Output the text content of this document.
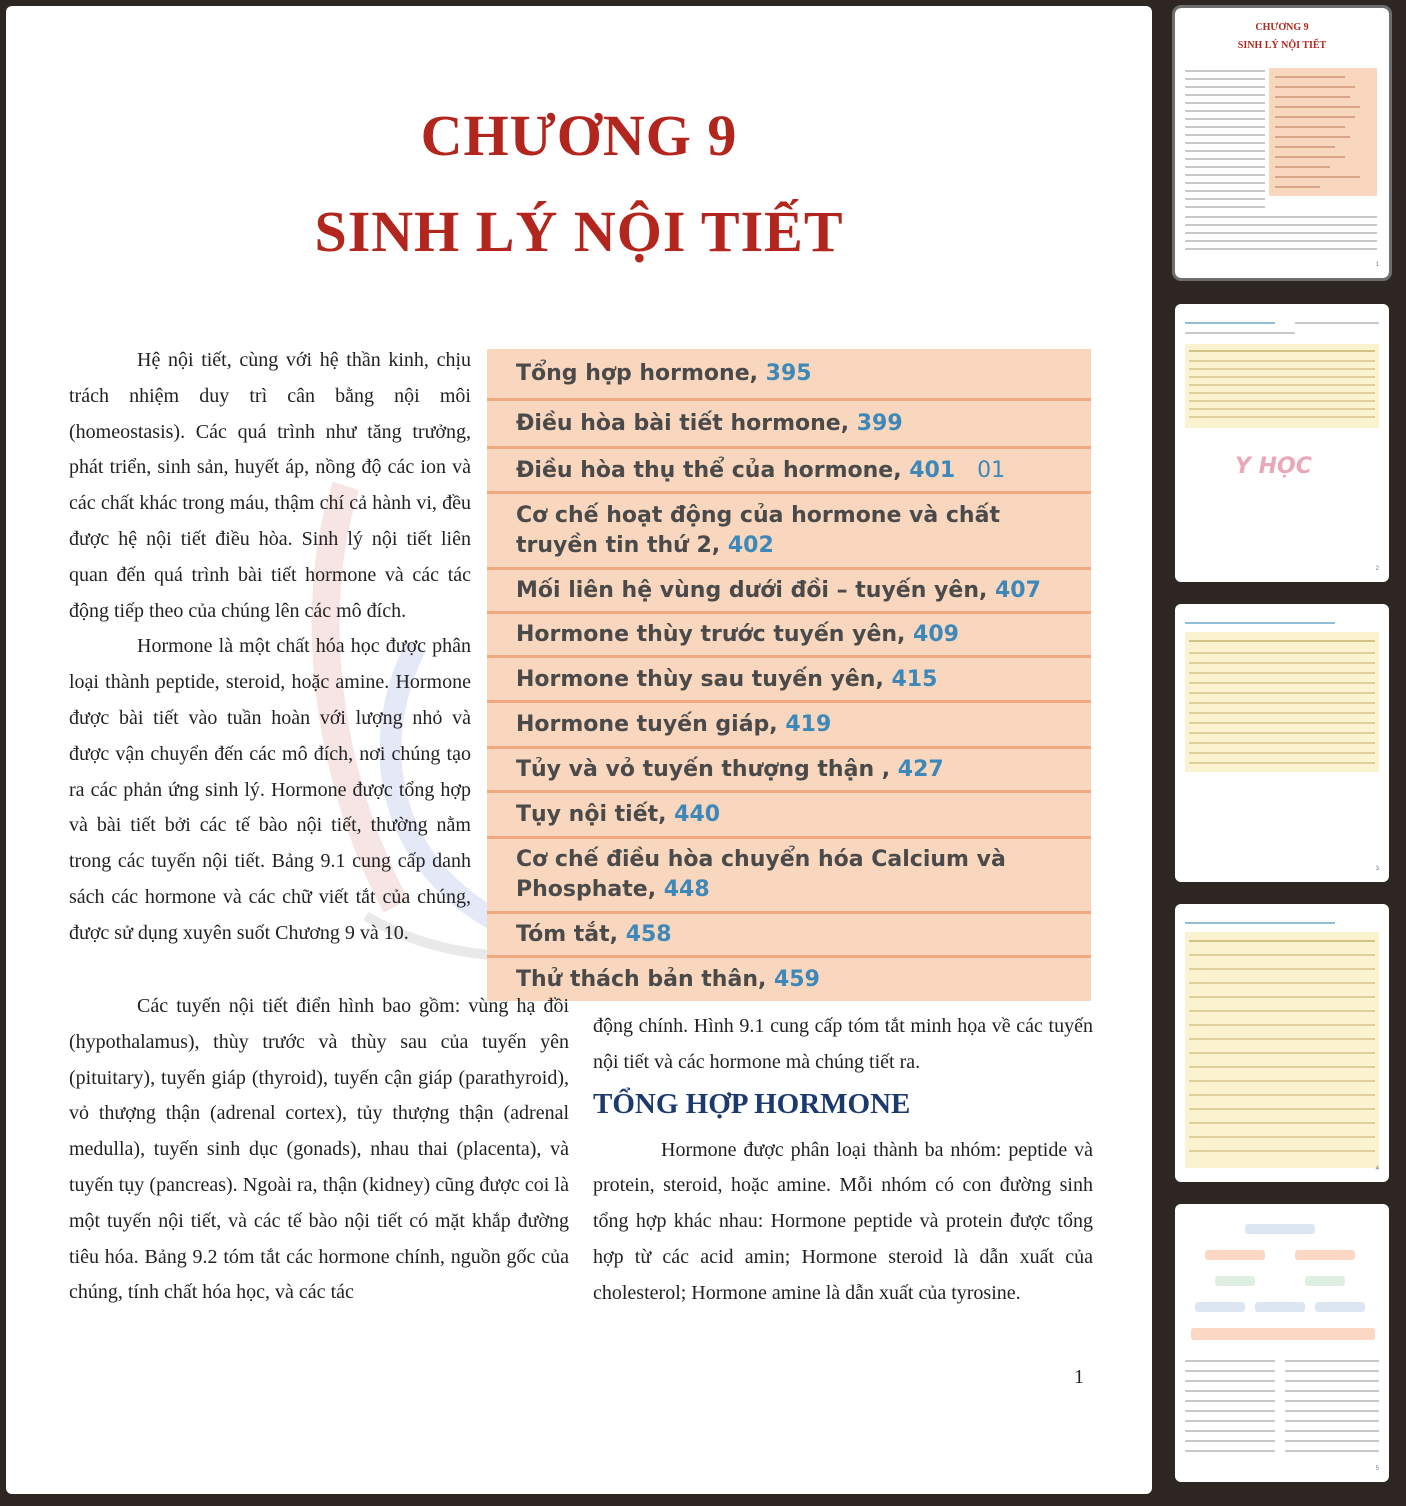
CHƯƠNG 9
SINH LÝ NỘI TIẾT

Hệ nội tiết, cùng với hệ thần kinh, chịu trách nhiệm duy trì cân bằng nội môi (homeostasis). Các quá trình như tăng trưởng, phát triển, sinh sản, huyết áp, nồng độ các ion và các chất khác trong máu, thậm chí cả hành vi, đều được hệ nội tiết điều hòa. Sinh lý nội tiết liên quan đến quá trình bài tiết hormone và các tác động tiếp theo của chúng lên các mô đích.

Hormone là một chất hóa học được phân loại thành peptide, steroid, hoặc amine. Hormone được bài tiết vào tuần hoàn với lượng nhỏ và được vận chuyển đến các mô đích, nơi chúng tạo ra các phản ứng sinh lý. Hormone được tổng hợp và bài tiết bởi các tế bào nội tiết, thường nằm trong các tuyến nội tiết. Bảng 9.1 cung cấp danh sách các hormone và các chữ viết tắt của chúng, được sử dụng xuyên suốt Chương 9 và 10.

Tổng hợp hormone, 395
Điều hòa bài tiết hormone, 399
Điều hòa thụ thể của hormone, 401 01
Cơ chế hoạt động của hormone và chất truyền tin thứ 2, 402
Mối liên hệ vùng dưới đồi – tuyến yên, 407
Hormone thùy trước tuyến yên, 409
Hormone thùy sau tuyến yên, 415
Hormone tuyến giáp, 419
Tủy và vỏ tuyến thượng thận , 427
Tụy nội tiết, 440
Cơ chế điều hòa chuyển hóa Calcium và Phosphate, 448
Tóm tắt, 458
Thử thách bản thân, 459

Các tuyến nội tiết điển hình bao gồm: vùng hạ đồi (hypothalamus), thùy trước và thùy sau của tuyến yên (pituitary), tuyến giáp (thyroid), tuyến cận giáp (parathyroid), vỏ thượng thận (adrenal cortex), tủy thượng thận (adrenal medulla), tuyến sinh dục (gonads), nhau thai (placenta), và tuyến tụy (pancreas). Ngoài ra, thận (kidney) cũng được coi là một tuyến nội tiết, và các tế bào nội tiết có mặt khắp đường tiêu hóa. Bảng 9.2 tóm tắt các hormone chính, nguồn gốc của chúng, tính chất hóa học, và các tác

động chính. Hình 9.1 cung cấp tóm tắt minh họa về các tuyến nội tiết và các hormone mà chúng tiết ra.

TỔNG HỢP HORMONE

Hormone được phân loại thành ba nhóm: peptide và protein, steroid, hoặc amine. Mỗi nhóm có con đường sinh tổng hợp khác nhau: Hormone peptide và protein được tổng hợp từ các acid amin; Hormone steroid là dẫn xuất của cholesterol; Hormone amine là dẫn xuất của tyrosine.

1
CHƯƠNG 9
SINH LÝ NỘI TIẾT
1
Y HỌC
2
3
4
5
